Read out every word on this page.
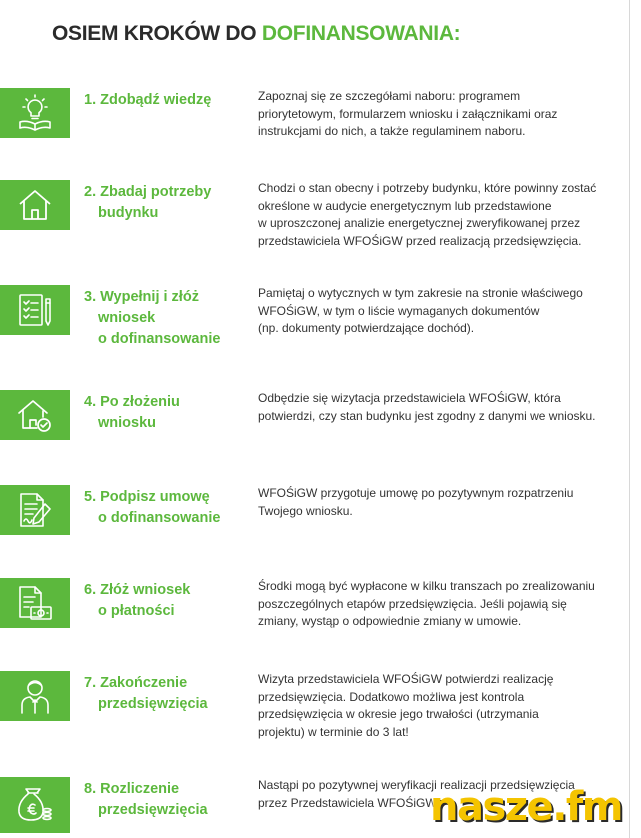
OSIEM KROKÓW DO DOFINANSOWANIA:
1. Zdobądź wiedzę	Zapoznaj się ze szczegółami naboru: programem
priorytetowym, formularzem wniosku i załącznikami oraz
instrukcjami do nich, a także regulaminem naboru.
2. Zbadaj potrzeby
budynku
Chodzi o stan obecny i potrzeby budynku, które powinny zostać
określone w audycie energetycznym lub przedstawione
w uproszczonej analizie energetycznej zweryfikowanej przez
przedstawiciela WFOŚiGW przed realizacją przedsięwzięcia.
3. Wypełnij i złóż
wniosek
o dofinansowanie
Pamiętaj o wytycznych w tym zakresie na stronie właściwego
WFOŚiGW, w tym o liście wymaganych dokumentów
(np. dokumenty potwierdzające dochód).
4. Po złożeniu
wniosku
Odbędzie się wizytacja przedstawiciela WFOŚiGW, która
potwierdzi, czy stan budynku jest zgodny z danymi we wniosku.
5. Podpisz umowę
o dofinansowanie
WFOŚiGW przygotuje umowę po pozytywnym rozpatrzeniu
Twojego wniosku.
6. Złóż wniosek
o płatności
Środki mogą być wypłacone w kilku transzach po zrealizowaniu
poszczególnych etapów przedsięwzięcia. Jeśli pojawią się
zmiany, wystąp o odpowiednie zmiany w umowie.
7. Zakończenie
przedsięwzięcia
Wizyta przedstawiciela WFOŚiGW potwierdzi realizację
przedsięwzięcia. Dodatkowo możliwa jest kontrola
przedsięwzięcia w okresie jego trwałości (utrzymania
projektu) w terminie do 3 lat!
8. Rozliczenie
przedsięwzięcia
Nastąpi po pozytywnej weryfikacji realizacji przedsięwzięcia
przez Przedstawiciela WFOŚiGW.
nasze.fm
